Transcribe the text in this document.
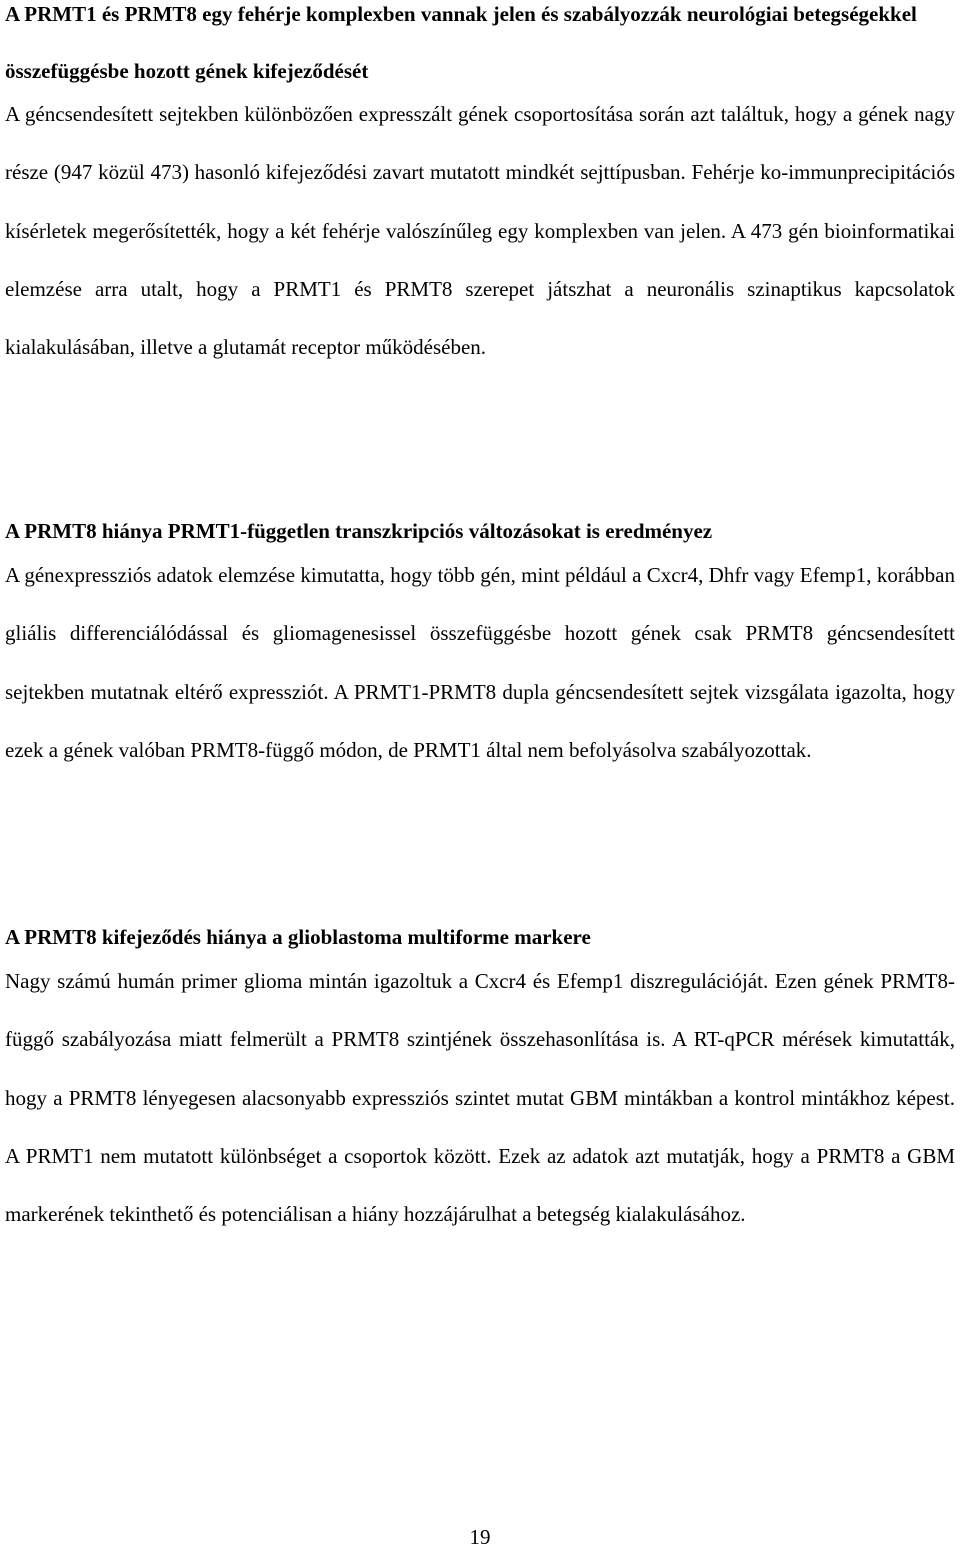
A PRMT1 és PRMT8 egy fehérje komplexben vannak jelen és szabályozzák neurológiai betegségekkel összefüggésbe hozott gének kifejeződését

A géncsendesített sejtekben különbözően expresszált gének csoportosítása során azt találtuk, hogy a gének nagy része (947 közül 473) hasonló kifejeződési zavart mutatott mindkét sejttípusban. Fehérje ko-immunprecipitációs kísérletek megerősítették, hogy a két fehérje valószínűleg egy komplexben van jelen. A 473 gén bioinformatikai elemzése arra utalt, hogy a PRMT1 és PRMT8 szerepet játszhat a neuronális szinaptikus kapcsolatok kialakulásában, illetve a glutamát receptor működésében.

A PRMT8 hiánya PRMT1-független transzkripciós változásokat is eredményez

A génexpressziós adatok elemzése kimutatta, hogy több gén, mint például a Cxcr4, Dhfr vagy Efemp1, korábban gliális differenciálódással és gliomagenesissel összefüggésbe hozott gének csak PRMT8 géncsendesített sejtekben mutatnak eltérő expressziót. A PRMT1-PRMT8 dupla géncsendesített sejtek vizsgálata igazolta, hogy ezek a gének valóban PRMT8-függő módon, de PRMT1 által nem befolyásolva szabályozottak.

A PRMT8 kifejeződés hiánya a glioblastoma multiforme markere

Nagy számú humán primer glioma mintán igazoltuk a Cxcr4 és Efemp1 diszregulációját. Ezen gének PRMT8-függő szabályozása miatt felmerült a PRMT8 szintjének összehasonlítása is. A RT-qPCR mérések kimutatták, hogy a PRMT8 lényegesen alacsonyabb expressziós szintet mutat GBM mintákban a kontrol mintákhoz képest. A PRMT1 nem mutatott különbséget a csoportok között. Ezek az adatok azt mutatják, hogy a PRMT8 a GBM markerének tekinthető és potenciálisan a hiány hozzájárulhat a betegség kialakulásához.

19
